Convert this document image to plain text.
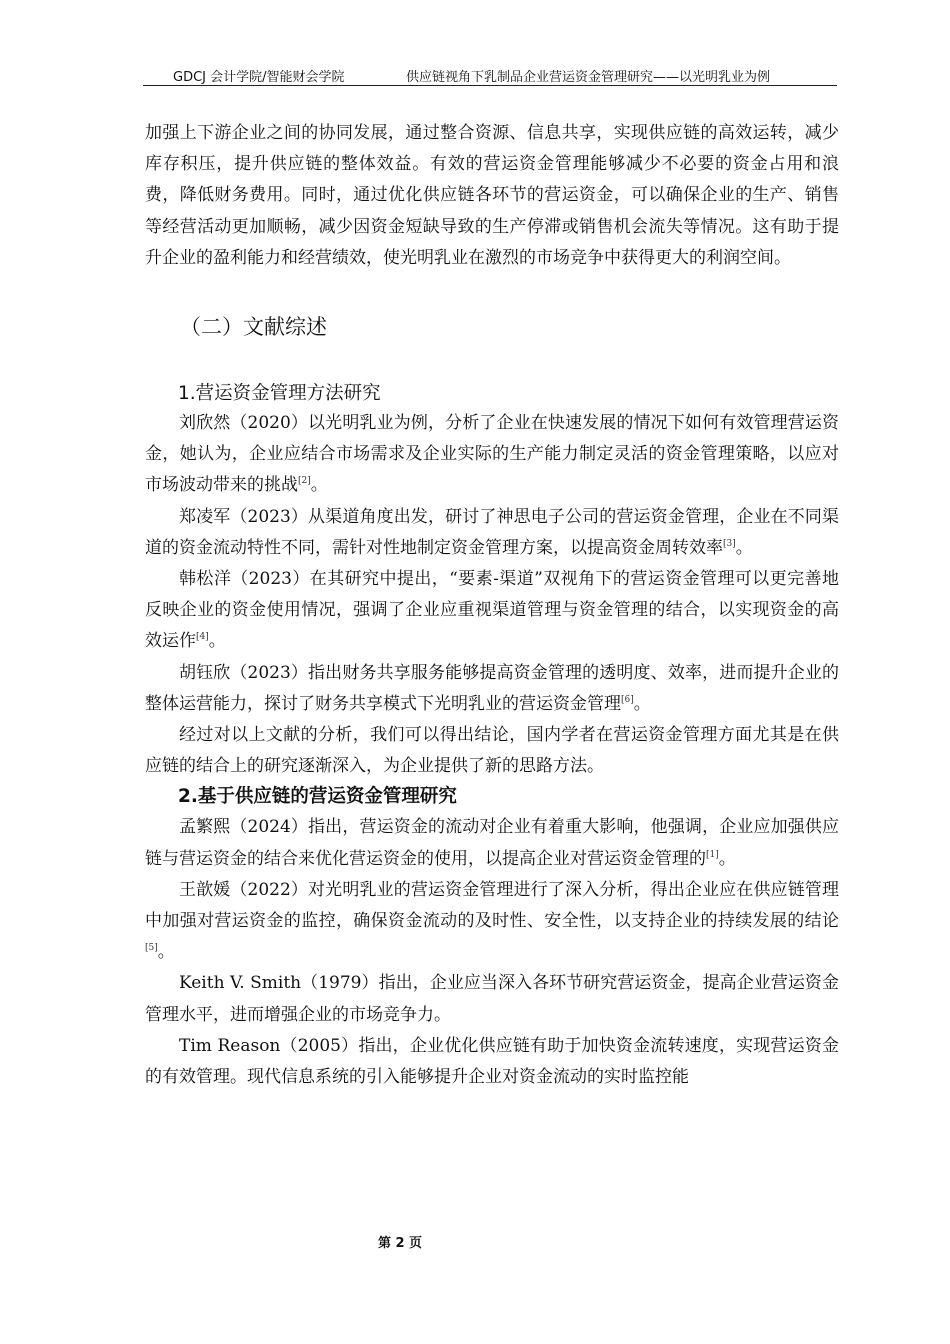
GDCJ 会计学院/智能财会学院	供应链视角下乳制品企业营运资金管理研究——以光明乳业为例

加强上下游企业之间的协同发展，通过整合资源、信息共享，实现供应链的高效运转，减少库存积压，提升供应链的整体效益。有效的营运资金管理能够减少不必要的资金占用和浪费，降低财务费用。同时，通过优化供应链各环节的营运资金，可以确保企业的生产、销售等经营活动更加顺畅，减少因资金短缺导致的生产停滞或销售机会流失等情况。这有助于提升企业的盈利能力和经营绩效，使光明乳业在激烈的市场竞争中获得更大的利润空间。

（二）文献综述
1.营运资金管理方法研究

刘欣然（2020）以光明乳业为例，分析了企业在快速发展的情况下如何有效管理营运资金，她认为，企业应结合市场需求及企业实际的生产能力制定灵活的资金管理策略，以应对市场波动带来的挑战[2]。

郑凌军（2023）从渠道角度出发，研讨了神思电子公司的营运资金管理，企业在不同渠道的资金流动特性不同，需针对性地制定资金管理方案，以提高资金周转效率[3]。

韩松洋（2023）在其研究中提出，“要素-渠道”双视角下的营运资金管理可以更完善地反映企业的资金使用情况，强调了企业应重视渠道管理与资金管理的结合，以实现资金的高效运作[4]。

胡钰欣（2023）指出财务共享服务能够提高资金管理的透明度、效率，进而提升企业的整体运营能力，探讨了财务共享模式下光明乳业的营运资金管理[6]。

经过对以上文献的分析，我们可以得出结论，国内学者在营运资金管理方面尤其是在供应链的结合上的研究逐渐深入，为企业提供了新的思路方法。

2.基于供应链的营运资金管理研究

孟繁熙（2024）指出，营运资金的流动对企业有着重大影响，他强调，企业应加强供应链与营运资金的结合来优化营运资金的使用，以提高企业对营运资金管理的[1]。

王歆媛（2022）对光明乳业的营运资金管理进行了深入分析，得出企业应在供应链管理中加强对营运资金的监控，确保资金流动的及时性、安全性，以支持企业的持续发展的结论[5]。

Keith V. Smith（1979）指出，企业应当深入各环节研究营运资金，提高企业营运资金管理水平，进而增强企业的市场竞争力。

Tim Reason（2005）指出，企业优化供应链有助于加快资金流转速度，实现营运资金的有效管理。现代信息系统的引入能够提升企业对资金流动的实时监控能

第 2 页
